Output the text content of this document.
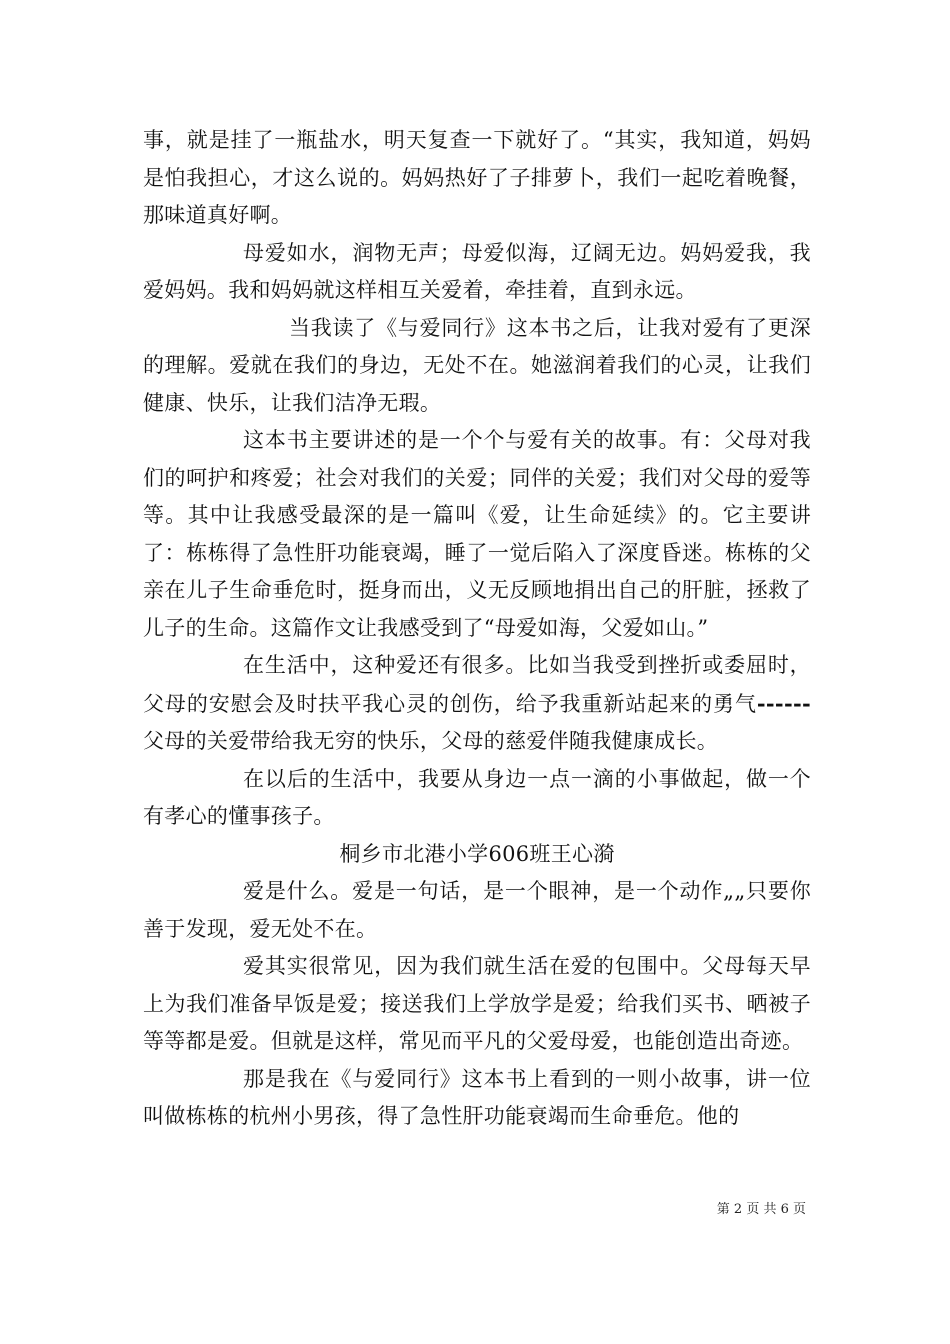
事，就是挂了一瓶盐水，明天复查一下就好了。“其实，我知道，妈妈是怕我担心，才这么说的。妈妈热好了子排萝卜，我们一起吃着晚餐，那味道真好啊。

母爱如水，润物无声；母爱似海，辽阔无边。妈妈爱我，我爱妈妈。我和妈妈就这样相互关爱着，牵挂着，直到永远。

当我读了《与爱同行》这本书之后，让我对爱有了更深的理解。爱就在我们的身边，无处不在。她滋润着我们的心灵，让我们健康、快乐，让我们洁净无瑕。

这本书主要讲述的是一个个与爱有关的故事。有：父母对我们的呵护和疼爱；社会对我们的关爱；同伴的关爱；我们对父母的爱等等。其中让我感受最深的是一篇叫《爱，让生命延续》的。它主要讲了：栋栋得了急性肝功能衰竭，睡了一觉后陷入了深度昏迷。栋栋的父亲在儿子生命垂危时，挺身而出，义无反顾地捐出自己的肝脏，拯救了儿子的生命。这篇作文让我感受到了“母爱如海，父爱如山。”

在生活中，这种爱还有很多。比如当我受到挫折或委屈时，父母的安慰会及时扶平我心灵的创伤，给予我重新站起来的勇气------父母的关爱带给我无穷的快乐，父母的慈爱伴随我健康成长。

在以后的生活中，我要从身边一点一滴的小事做起，做一个有孝心的懂事孩子。

桐乡市北港小学606班王心漪

爱是什么。爱是一句话，是一个眼神，是一个动作„„只要你善于发现，爱无处不在。

爱其实很常见，因为我们就生活在爱的包围中。父母每天早上为我们准备早饭是爱；接送我们上学放学是爱；给我们买书、晒被子等等都是爱。但就是这样，常见而平凡的父爱母爱，也能创造出奇迹。

那是我在《与爱同行》这本书上看到的一则小故事，讲一位叫做栋栋的杭州小男孩，得了急性肝功能衰竭而生命垂危。他的

第 2 页 共 6 页
